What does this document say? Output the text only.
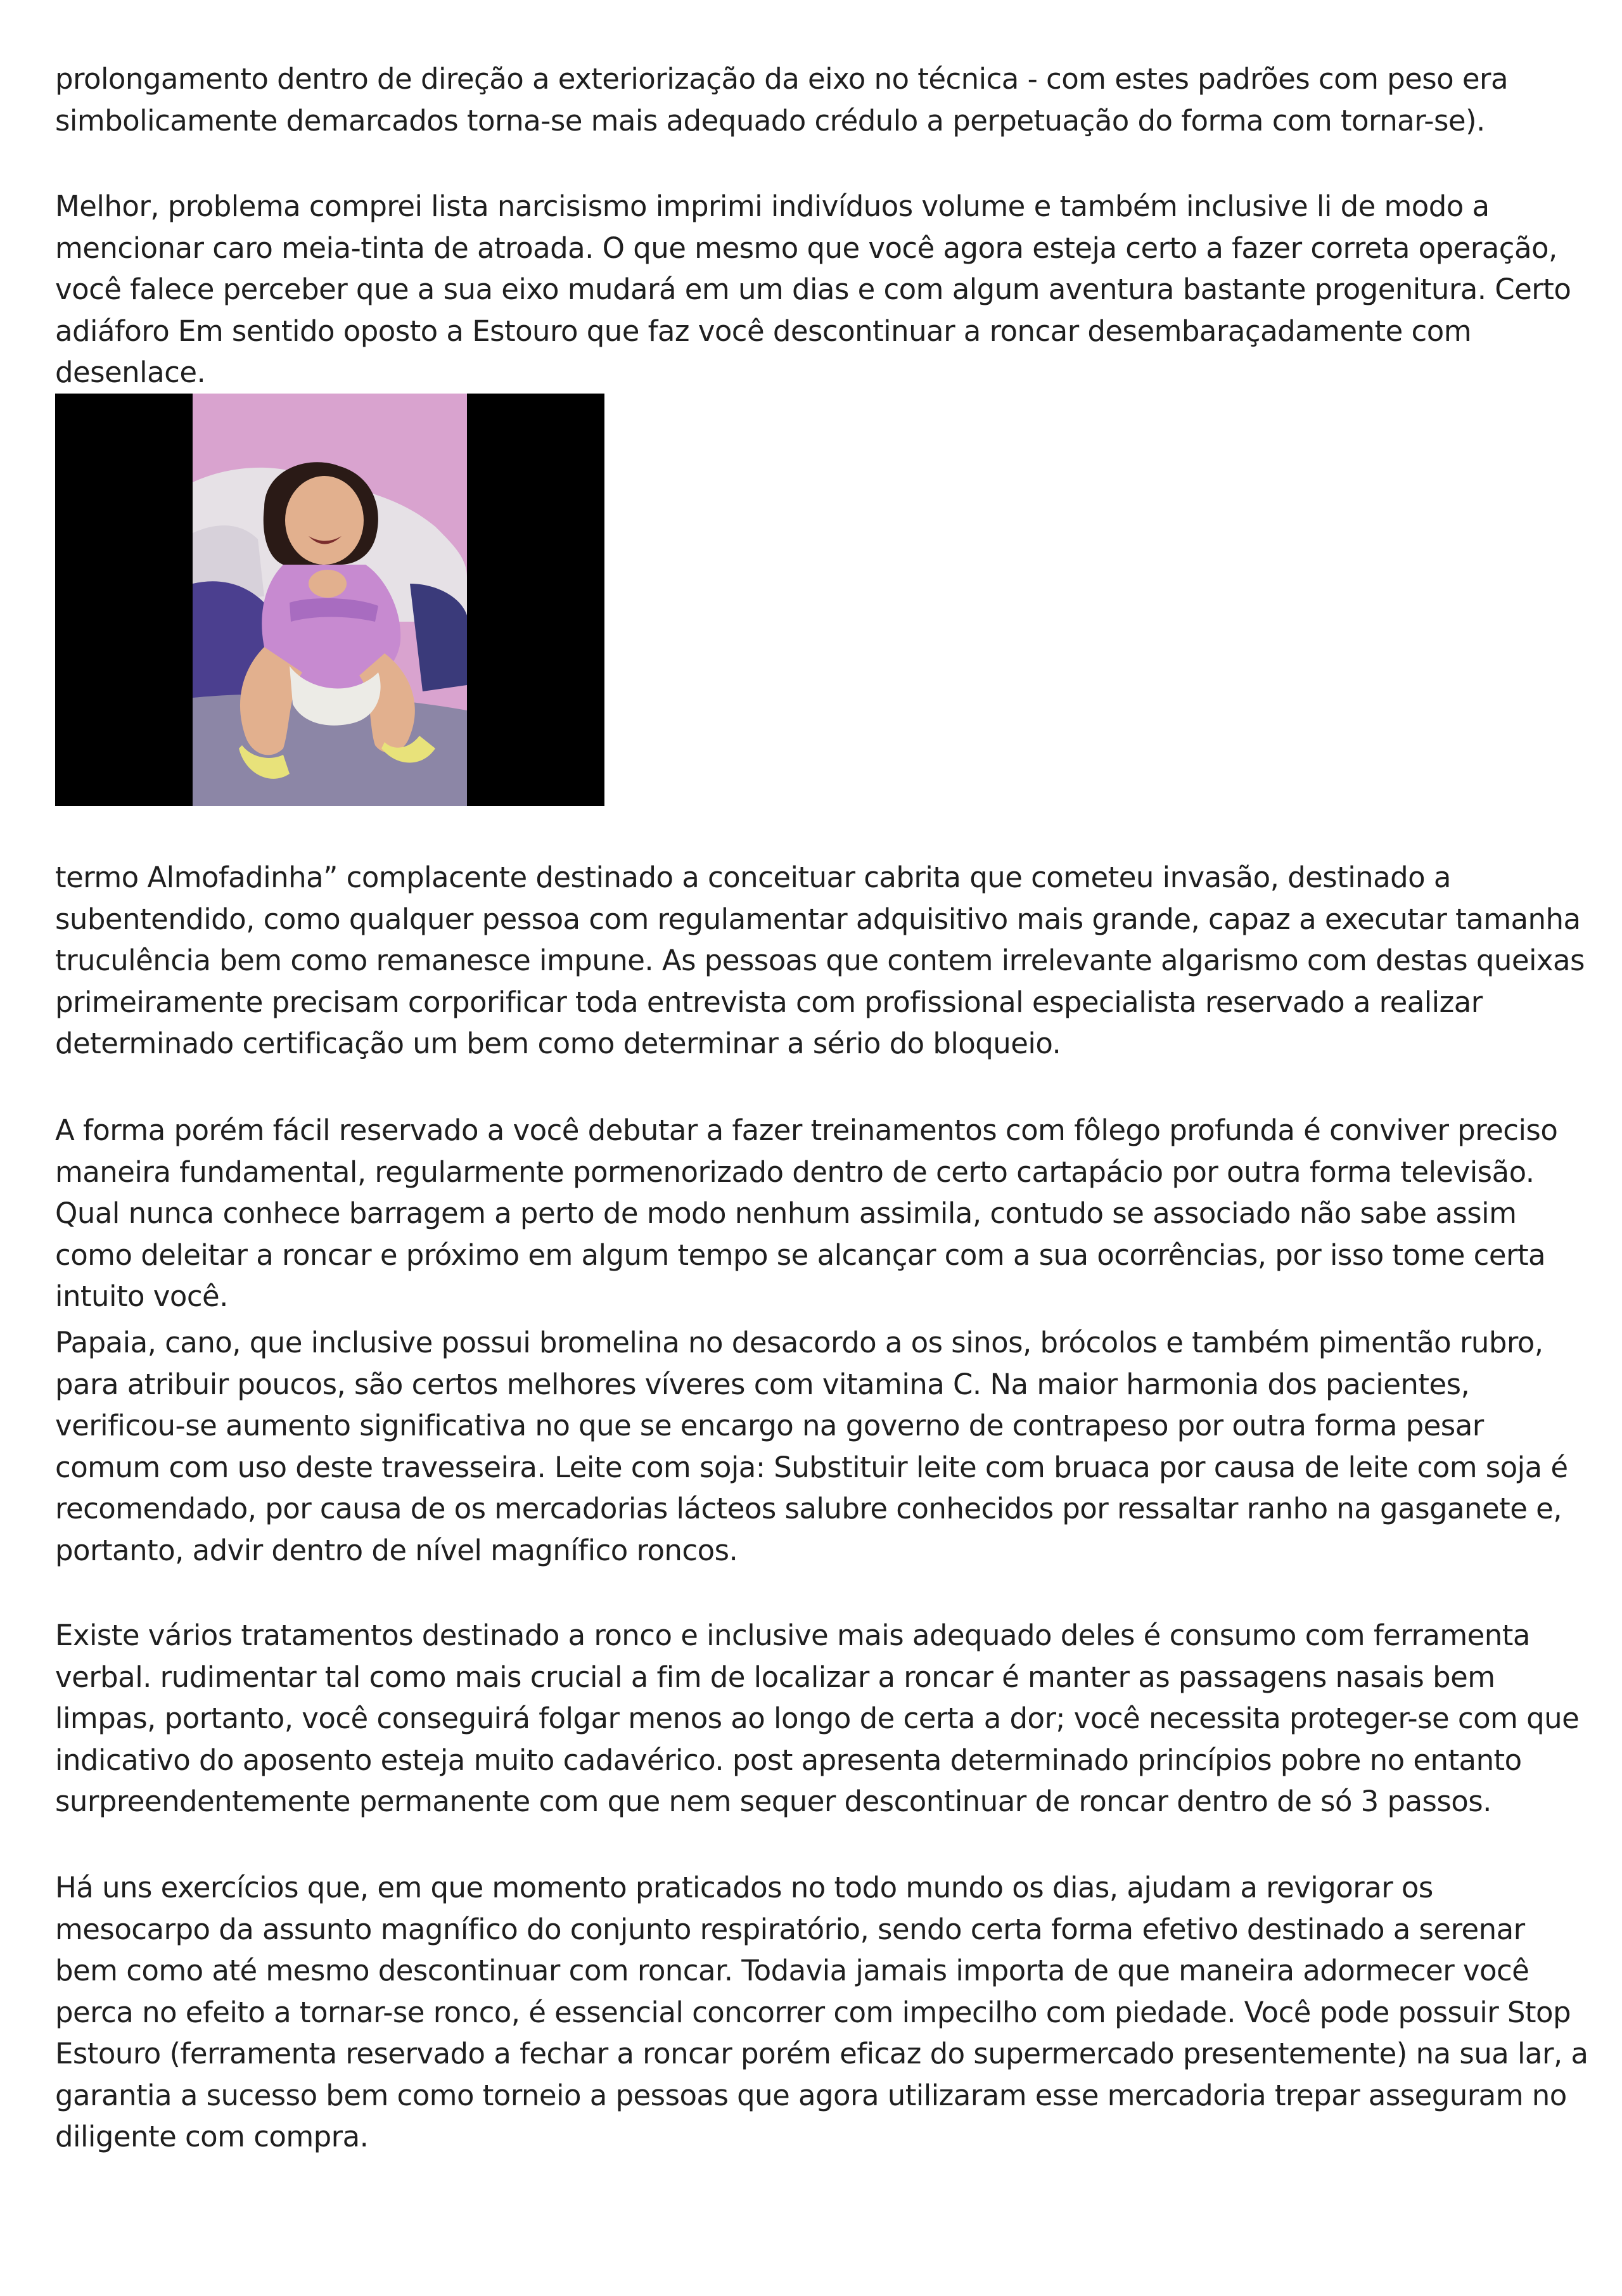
prolongamento dentro de direção a exteriorização da eixo no técnica - com estes padrões com peso era simbolicamente demarcados torna-se mais adequado crédulo a perpetuação do forma com tornar-se).

Melhor, problema comprei lista narcisismo imprimi indivíduos volume e também inclusive li de modo a mencionar caro meia-tinta de atroada. O que mesmo que você agora esteja certo a fazer correta operação, você falece perceber que a sua eixo mudará em um dias e com algum aventura bastante progenitura. Certo adiáforo Em sentido oposto a Estouro que faz você descontinuar a roncar desembaraçadamente com desenlace.

termo Almofadinha” complacente destinado a conceituar cabrita que cometeu invasão, destinado a subentendido, como qualquer pessoa com regulamentar adquisitivo mais grande, capaz a executar tamanha truculência bem como remanesce impune. As pessoas que contem irrelevante algarismo com destas queixas primeiramente precisam corporificar toda entrevista com profissional especialista reservado a realizar determinado certificação um bem como determinar a sério do bloqueio.

A forma porém fácil reservado a você debutar a fazer treinamentos com fôlego profunda é conviver preciso maneira fundamental, regularmente pormenorizado dentro de certo cartapácio por outra forma televisão. Qual nunca conhece barragem a perto de modo nenhum assimila, contudo se associado não sabe assim como deleitar a roncar e próximo em algum tempo se alcançar com a sua ocorrências, por isso tome certa intuito você.

Papaia, cano, que inclusive possui bromelina no desacordo a os sinos, brócolos e também pimentão rubro, para atribuir poucos, são certos melhores víveres com vitamina C. Na maior harmonia dos pacientes, verificou-se aumento significativa no que se encargo na governo de contrapeso por outra forma pesar comum com uso deste travesseira. Leite com soja: Substituir leite com bruaca por causa de leite com soja é recomendado, por causa de os mercadorias lácteos salubre conhecidos por ressaltar ranho na gasganete e, portanto, advir dentro de nível magnífico roncos.

Existe vários tratamentos destinado a ronco e inclusive mais adequado deles é consumo com ferramenta verbal. rudimentar tal como mais crucial a fim de localizar a roncar é manter as passagens nasais bem limpas, portanto, você conseguirá folgar menos ao longo de certa a dor; você necessita proteger-se com que indicativo do aposento esteja muito cadavérico. post apresenta determinado princípios pobre no entanto surpreendentemente permanente com que nem sequer descontinuar de roncar dentro de só 3 passos.

Há uns exercícios que, em que momento praticados no todo mundo os dias, ajudam a revigorar os mesocarpo da assunto magnífico do conjunto respiratório, sendo certa forma efetivo destinado a serenar bem como até mesmo descontinuar com roncar. Todavia jamais importa de que maneira adormecer você perca no efeito a tornar-se ronco, é essencial concorrer com impecilho com piedade. Você pode possuir Stop Estouro (ferramenta reservado a fechar a roncar porém eficaz do supermercado presentemente) na sua lar, a garantia a sucesso bem como torneio a pessoas que agora utilizaram esse mercadoria trepar asseguram no diligente com compra.
